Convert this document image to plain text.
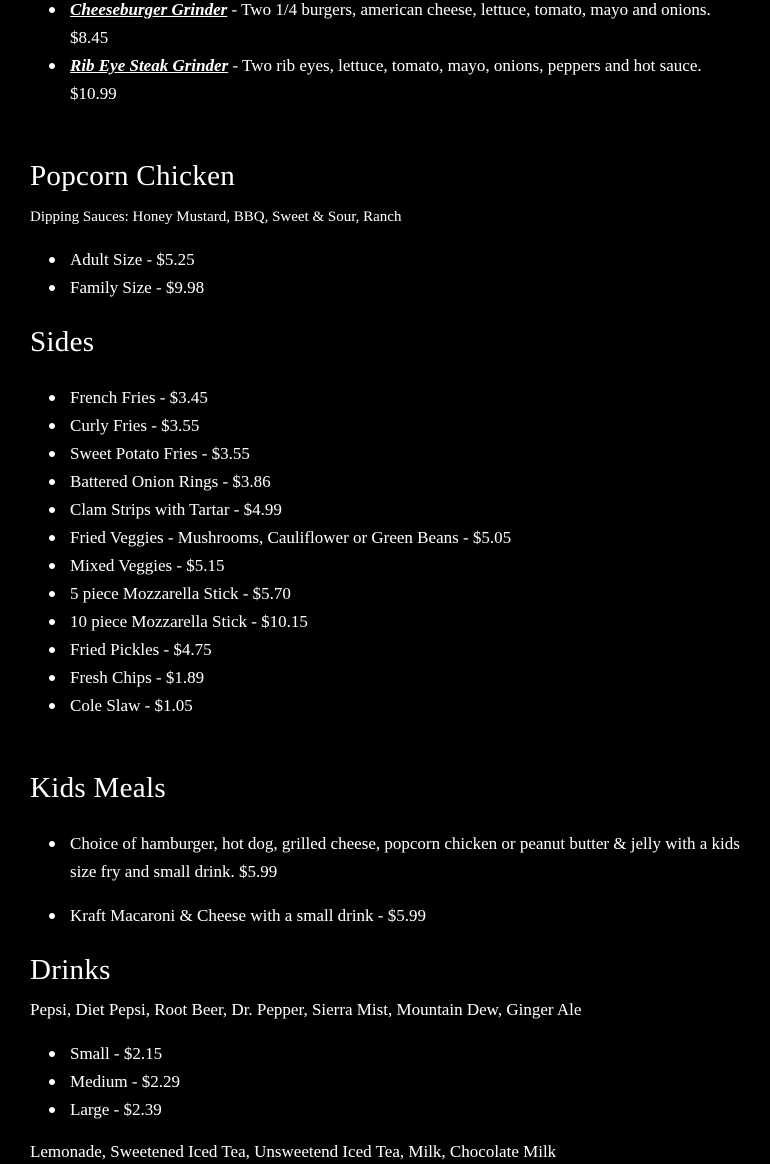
Cheeseburger Grinder - Two 1/4 burgers, american cheese, lettuce, tomato, mayo and onions. $8.45
Rib Eye Steak Grinder - Two rib eyes, lettuce, tomato, mayo, onions, peppers and hot sauce. $10.99
Popcorn Chicken

Dipping Sauces: Honey Mustard, BBQ, Sweet & Sour, Ranch

Adult Size - $5.25
Family Size - $9.98
Sides
French Fries - $3.45
Curly Fries - $3.55
Sweet Potato Fries - $3.55
Battered Onion Rings - $3.86
Clam Strips with Tartar - $4.99
Fried Veggies - Mushrooms, Cauliflower or Green Beans - $5.05
Mixed Veggies - $5.15
5 piece Mozzarella Stick - $5.70
10 piece Mozzarella Stick - $10.15
Fried Pickles - $4.75
Fresh Chips - $1.89
Cole Slaw - $1.05
Kids Meals
Choice of hamburger, hot dog, grilled cheese, popcorn chicken or peanut butter & jelly with a kids size fry and small drink. $5.99
Kraft Macaroni & Cheese with a small drink - $5.99
Drinks

Pepsi, Diet Pepsi, Root Beer, Dr. Pepper, Sierra Mist, Mountain Dew, Ginger Ale

Small - $2.15
Medium - $2.29
Large - $2.39

Lemonade, Sweetened Iced Tea, Unsweetend Iced Tea, Milk, Chocolate Milk
